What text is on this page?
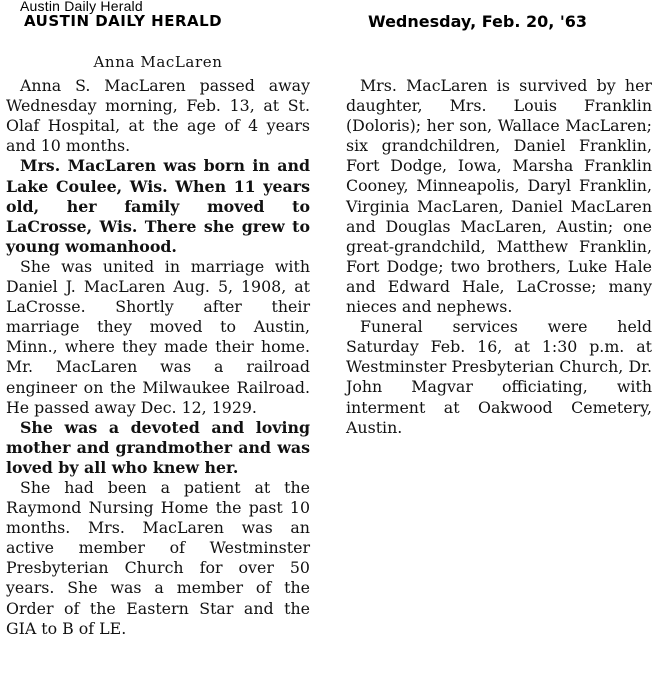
Austin Daily Herald
AUSTIN DAILY HERALD	Wednesday, Feb. 20, '63
Anna MacLaren

Anna S. MacLaren passed away Wednesday morning, Feb. 13, at St. Olaf Hospital, at the age of 4 years and 10 months.

Mrs. MacLaren was born in and Lake Coulee, Wis. When 11 years old, her family moved to LaCrosse, Wis. There she grew to young womanhood.

She was united in marriage with Daniel J. MacLaren Aug. 5, 1908, at LaCrosse. Shortly after their marriage they moved to Austin, Minn., where they made their home. Mr. MacLaren was a railroad engineer on the Milwaukee Railroad. He passed away Dec. 12, 1929.

She was a devoted and loving mother and grandmother and was loved by all who knew her.

She had been a patient at the Raymond Nursing Home the past 10 months. Mrs. MacLaren was an active member of Westminster Presbyterian Church for over 50 years. She was a member of the Order of the Eastern Star and the GIA to B of LE.

Mrs. MacLaren is survived by her daughter, Mrs. Louis Franklin (Doloris); her son, Wallace MacLaren; six grandchildren, Daniel Franklin, Fort Dodge, Iowa, Marsha Franklin Cooney, Minneapolis, Daryl Franklin, Virginia MacLaren, Daniel MacLaren and Douglas MacLaren, Austin; one great-grandchild, Matthew Franklin, Fort Dodge; two brothers, Luke Hale and Edward Hale, LaCrosse; many nieces and nephews.

Funeral services were held Saturday Feb. 16, at 1:30 p.m. at Westminster Presbyterian Church, Dr. John Magvar officiating, with interment at Oakwood Cemetery, Austin.
